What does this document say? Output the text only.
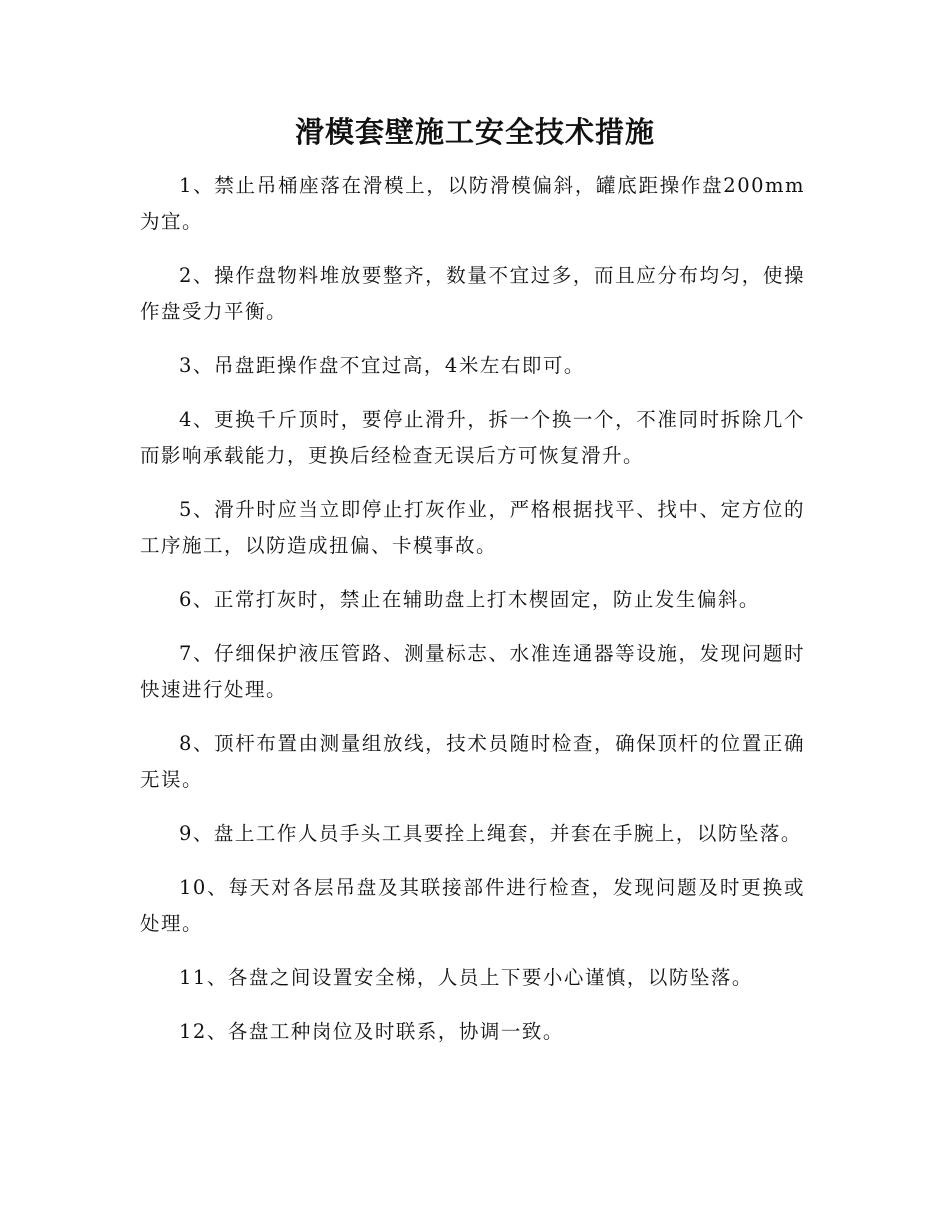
滑模套壁施工安全技术措施

1、禁止吊桶座落在滑模上，以防滑模偏斜，罐底距操作盘200mm为宜。

2、操作盘物料堆放要整齐，数量不宜过多，而且应分布均匀，使操作盘受力平衡。

3、吊盘距操作盘不宜过高，4米左右即可。

4、更换千斤顶时，要停止滑升，拆一个换一个，不准同时拆除几个而影响承载能力，更换后经检查无误后方可恢复滑升。

5、滑升时应当立即停止打灰作业，严格根据找平、找中、定方位的工序施工，以防造成扭偏、卡模事故。

6、正常打灰时，禁止在辅助盘上打木楔固定，防止发生偏斜。

7、仔细保护液压管路、测量标志、水准连通器等设施，发现问题时快速进行处理。

8、顶杆布置由测量组放线，技术员随时检查，确保顶杆的位置正确无误。

9、盘上工作人员手头工具要拴上绳套，并套在手腕上，以防坠落。

10、每天对各层吊盘及其联接部件进行检查，发现问题及时更换或处理。

11、各盘之间设置安全梯，人员上下要小心谨慎，以防坠落。

12、各盘工种岗位及时联系，协调一致。
